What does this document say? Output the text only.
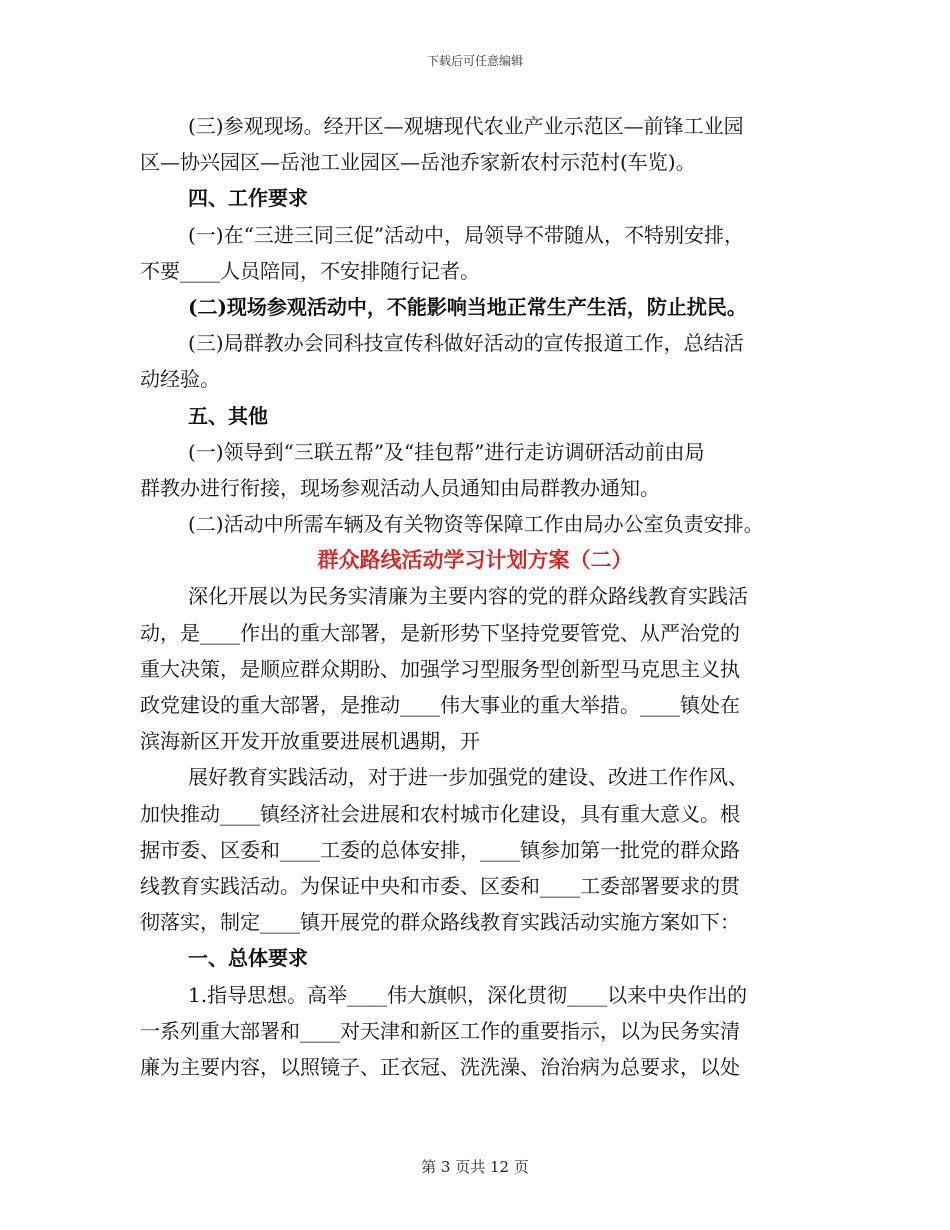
下载后可任意编辑
(三)参观现场。经开区—观塘现代农业产业示范区—前锋工业园
区—协兴园区—岳池工业园区—岳池乔家新农村示范村(车览)。
四、工作要求
(一)在“三进三同三促”活动中，局领导不带随从，不特别安排，
不要____人员陪同，不安排随行记者。
(二)现场参观活动中，不能影响当地正常生产生活，防止扰民。
(三)局群教办会同科技宣传科做好活动的宣传报道工作，总结活
动经验。
五、其他
(一)领导到“三联五帮”及“挂包帮”进行走访调研活动前由局
群教办进行衔接，现场参观活动人员通知由局群教办通知。
(二)活动中所需车辆及有关物资等保障工作由局办公室负责安排。
群众路线活动学习计划方案（二）
深化开展以为民务实清廉为主要内容的党的群众路线教育实践活
动，是____作出的重大部署，是新形势下坚持党要管党、从严治党的
重大决策，是顺应群众期盼、加强学习型服务型创新型马克思主义执
政党建设的重大部署，是推动____伟大事业的重大举措。____镇处在
滨海新区开发开放重要进展机遇期，开
展好教育实践活动，对于进一步加强党的建设、改进工作作风、
加快推动____镇经济社会进展和农村城市化建设，具有重大意义。根
据市委、区委和____工委的总体安排，____镇参加第一批党的群众路
线教育实践活动。为保证中央和市委、区委和____工委部署要求的贯
彻落实，制定____镇开展党的群众路线教育实践活动实施方案如下：
一、总体要求
1.指导思想。高举____伟大旗帜，深化贯彻____以来中央作出的
一系列重大部署和____对天津和新区工作的重要指示，以为民务实清
廉为主要内容，以照镜子、正衣冠、洗洗澡、治治病为总要求，以处
第 3 页共 12 页
